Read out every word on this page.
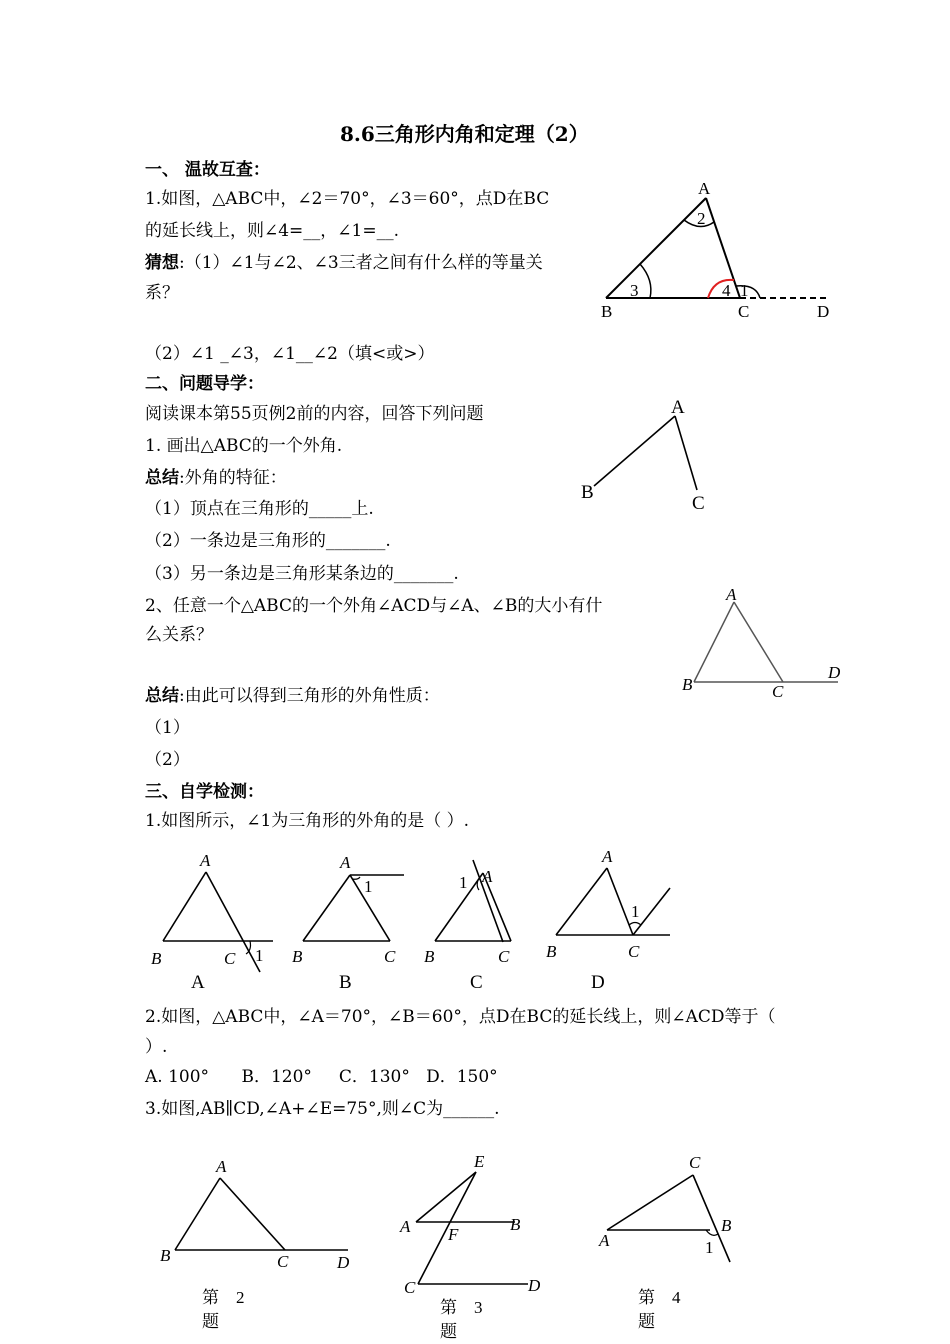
8.6三角形内角和定理（2）
一、 温故互查：
1.如图，△ABC中，∠2＝70°，∠3＝60°，点D在BC
的延长线上，则∠4=__，∠1=__.
猜想:（1）∠1与∠2、∠3三者之间有什么样的等量关
系？
（2）∠1 _∠3，∠1__∠2（填<或>）
A
B	C	D
2
3	4 1
二、问题导学：
阅读课本第55页例2前的内容，回答下列问题
1. 画出△ABC的一个外角.
总结:外角的特征：
（1）顶点在三角形的_____上.
（2）一条边是三角形的_______.
（3）另一条边是三角形某条边的_______.
2、任意一个△ABC的一个外角∠ACD与∠A、∠B的大小有什
么关系？
总结:由此可以得到三角形的外角性质：
（1）
（2）
A
B
C
A
B	C
D
三、自学检测：
1.如图所示，∠1为三角形的外角的是（ ）.
A
B	C 1
A
A
B	C
1
B
A
B	C
1
C
A
B	C
1
D
2.如图，△ABC中，∠A＝70°，∠B＝60°，点D在BC的延长线上，则∠ACD等于（
）.
A. 100°      B．120°     C．130°   D．150°
3.如图,AB∥CD,∠A+∠E=75°,则∠C为______.
A
B	C	D
第    2
题
A	B
C	D
E
F
第    3
题
A
B
C
1
第    4
题
